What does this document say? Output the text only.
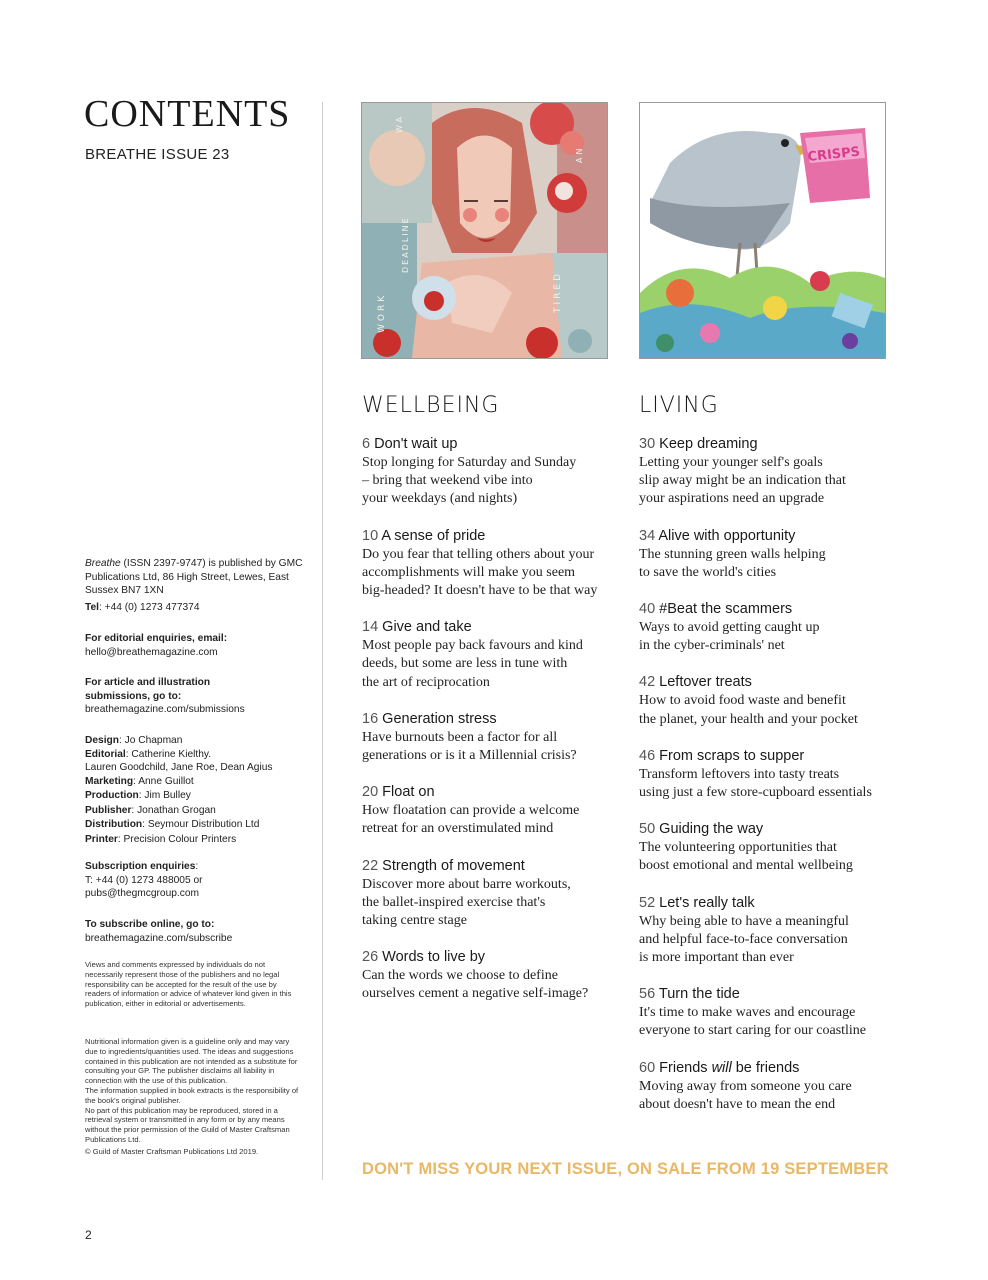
CONTENTS
BREATHE ISSUE 23
Breathe (ISSN 2397-9747) is published by GMC Publications Ltd, 86 High Street, Lewes, East Sussex BN7 1XN
Tel: +44 (0) 1273 477374
For editorial enquiries, email:
hello@breathemagazine.com
For article and illustration submissions, go to:
breathemagazine.com/submissions
Design: Jo Chapman
Editorial: Catherine Kielthy.
Lauren Goodchild, Jane Roe, Dean Agius
Marketing: Anne Guillot
Production: Jim Bulley
Publisher: Jonathan Grogan
Distribution: Seymour Distribution Ltd
Printer: Precision Colour Printers
Subscription enquiries:
T: +44 (0) 1273 488005 or
pubs@thegmcgroup.com
To subscribe online, go to:
breathemagazine.com/subscribe
Views and comments expressed by individuals do not necessarily represent those of the publishers and no legal responsibility can be accepted for the result of the use by readers of information or advice of whatever kind given in this publication, either in editorial or advertisements.
Nutritional information given is a guideline only and may vary due to ingredients/quantities used. The ideas and suggestions contained in this publication are not intended as a substitute for consulting your GP. The publisher disclaims all liability in connection with the use of this publication.
The information supplied in book extracts is the responsibility of the book's original publisher.
No part of this publication may be reproduced, stored in a retrieval system or transmitted in any form or by any means without the prior permission of the Guild of Master Craftsman Publications Ltd.
© Guild of Master Craftsman Publications Ltd 2019.
WORK
DEADLINE
TIRED
WA
AN	CRISPS
WELLBEING
6 Don't wait up
Stop longing for Saturday and Sunday
– bring that weekend vibe into
your weekdays (and nights)
10 A sense of pride
Do you fear that telling others about your
accomplishments will make you seem
big-headed? It doesn't have to be that way
14 Give and take
Most people pay back favours and kind
deeds, but some are less in tune with
the art of reciprocation
16 Generation stress
Have burnouts been a factor for all
generations or is it a Millennial crisis?
20 Float on
How floatation can provide a welcome
retreat for an overstimulated mind
22 Strength of movement
Discover more about barre workouts,
the ballet-inspired exercise that's
taking centre stage
26 Words to live by
Can the words we choose to define
ourselves cement a negative self-image?
LIVING
30 Keep dreaming
Letting your younger self's goals
slip away might be an indication that
your aspirations need an upgrade
34 Alive with opportunity
The stunning green walls helping
to save the world's cities
40 #Beat the scammers
Ways to avoid getting caught up
in the cyber-criminals' net
42 Leftover treats
How to avoid food waste and benefit
the planet, your health and your pocket
46 From scraps to supper
Transform leftovers into tasty treats
using just a few store-cupboard essentials
50 Guiding the way
The volunteering opportunities that
boost emotional and mental wellbeing
52 Let's really talk
Why being able to have a meaningful
and helpful face-to-face conversation
is more important than ever
56 Turn the tide
It's time to make waves and encourage
everyone to start caring for our coastline
60 Friends will be friends
Moving away from someone you care
about doesn't have to mean the end
DON'T MISS YOUR NEXT ISSUE, ON SALE FROM 19 SEPTEMBER
2
